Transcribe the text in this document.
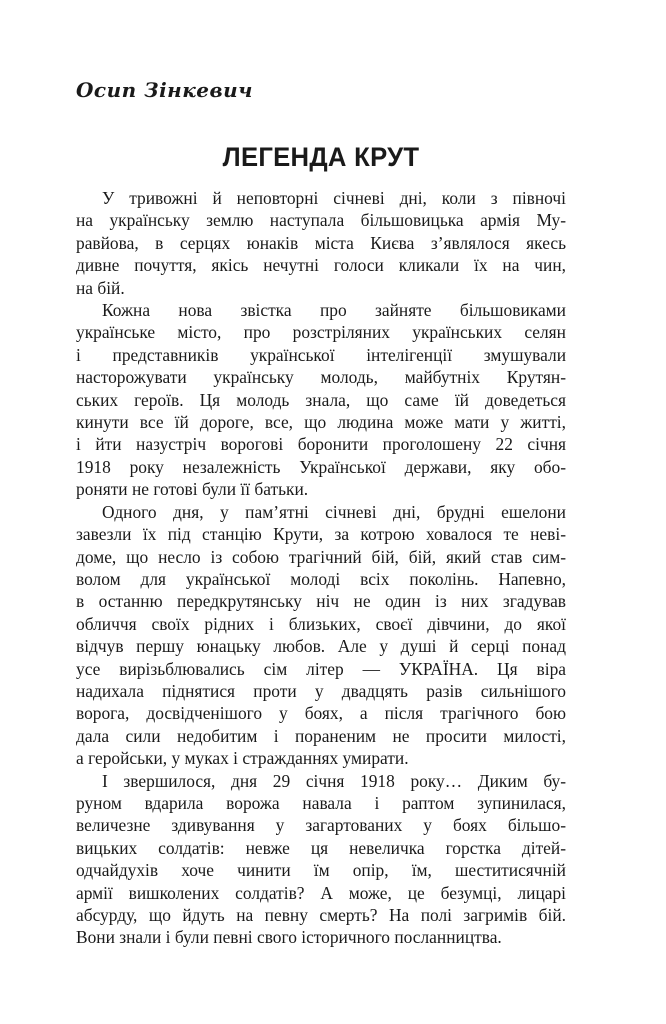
Осип Зінкевич
ЛЕГЕНДА КРУТ
У тривожні й неповторні січневі дні, коли з півночі
на українську землю наступала більшовицька армія Му-
равйова, в серцях юнаків міста Києва з’являлося якесь
дивне почуття, якісь нечутні голоси кликали їх на чин,
на бій.
Кожна нова звістка про зайняте більшовиками
українське місто, про розстріляних українських селян
і представників української інтелігенції змушували
насторожувати українську молодь, майбутніх Крутян-
ських героїв. Ця молодь знала, що саме їй доведеться
кинути все їй дороге, все, що людина може мати у житті,
і йти назустріч ворогові боронити проголошену 22 січня
1918 року незалежність Української держави, яку обо-
роняти не готові були її батьки.
Одного дня, у пам’ятні січневі дні, брудні ешелони
завезли їх під станцію Крути, за котрою ховалося те неві-
доме, що несло із собою трагічний бій, бій, який став сим-
волом для української молоді всіх поколінь. Напевно,
в останню передкрутянську ніч не один із них згадував
обличчя своїх рідних і близьких, своєї дівчини, до якої
відчув першу юнацьку любов. Але у душі й серці понад
усе вирізьблювались сім літер — УКРАЇНА. Ця віра
надихала піднятися проти у двадцять разів сильнішого
ворога, досвідченішого у боях, а після трагічного бою
дала сили недобитим і пораненим не просити милості,
а геройськи, у муках і стражданнях умирати.
І звершилося, дня 29 січня 1918 року… Диким бу-
руном вдарила ворожа навала і раптом зупинилася,
величезне здивування у загартованих у боях більшо-
вицьких солдатів: невже ця невеличка горстка дітей-
одчайдухів хоче чинити їм опір, їм, шеститисячній
армії вишколених солдатів? А може, це безумці, лицарі
абсурду, що йдуть на певну смерть? На полі загримів бій.
Вони знали і були певні свого історичного посланництва.
